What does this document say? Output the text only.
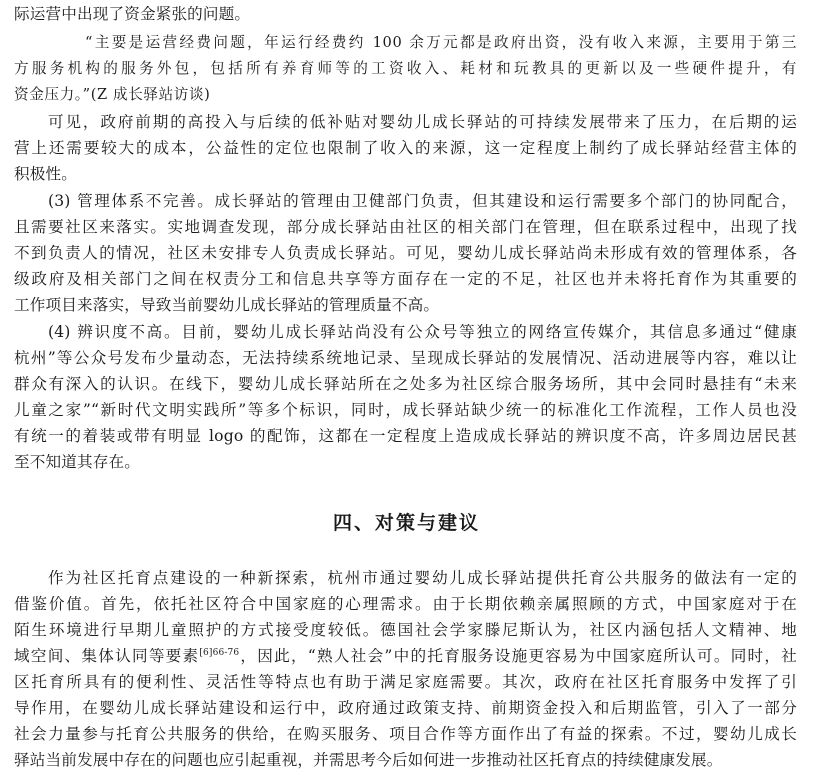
际运营中出现了资金紧张的问题。
“主要是运营经费问题，年运行经费约 100 余万元都是政府出资，没有收入来源，主要用于第三
方服务机构的服务外包，包括所有养育师等的工资收入、耗材和玩教具的更新以及一些硬件提升，有
资金压力。”(Z 成长驿站访谈)
可见，政府前期的高投入与后续的低补贴对婴幼儿成长驿站的可持续发展带来了压力，在后期的运
营上还需要较大的成本，公益性的定位也限制了收入的来源，这一定程度上制约了成长驿站经营主体的
积极性。
(3) 管理体系不完善。成长驿站的管理由卫健部门负责，但其建设和运行需要多个部门的协同配合，
且需要社区来落实。实地调查发现，部分成长驿站由社区的相关部门在管理，但在联系过程中，出现了找
不到负责人的情况，社区未安排专人负责成长驿站。可见，婴幼儿成长驿站尚未形成有效的管理体系，各
级政府及相关部门之间在权责分工和信息共享等方面存在一定的不足，社区也并未将托育作为其重要的
工作项目来落实，导致当前婴幼儿成长驿站的管理质量不高。
(4) 辨识度不高。目前，婴幼儿成长驿站尚没有公众号等独立的网络宣传媒介，其信息多通过“健康
杭州”等公众号发布少量动态，无法持续系统地记录、呈现成长驿站的发展情况、活动进展等内容，难以让
群众有深入的认识。在线下，婴幼儿成长驿站所在之处多为社区综合服务场所，其中会同时悬挂有“未来
儿童之家”“新时代文明实践所”等多个标识，同时，成长驿站缺少统一的标准化工作流程，工作人员也没
有统一的着装或带有明显 logo 的配饰，这都在一定程度上造成成长驿站的辨识度不高，许多周边居民甚
至不知道其存在。
四、对策与建议
作为社区托育点建设的一种新探索，杭州市通过婴幼儿成长驿站提供托育公共服务的做法有一定的
借鉴价值。首先，依托社区符合中国家庭的心理需求。由于长期依赖亲属照顾的方式，中国家庭对于在
陌生环境进行早期儿童照护的方式接受度较低。德国社会学家滕尼斯认为，社区内涵包括人文精神、地
域空间、集体认同等要素$^{[6]66-76}$，因此，“熟人社会”中的托育服务设施更容易为中国家庭所认可。同时，社
区托育所具有的便利性、灵活性等特点也有助于满足家庭需要。其次，政府在社区托育服务中发挥了引
导作用，在婴幼儿成长驿站建设和运行中，政府通过政策支持、前期资金投入和后期监管，引入了一部分
社会力量参与托育公共服务的供给，在购买服务、项目合作等方面作出了有益的探索。不过，婴幼儿成长
驿站当前发展中存在的问题也应引起重视，并需思考今后如何进一步推动社区托育点的持续健康发展。
